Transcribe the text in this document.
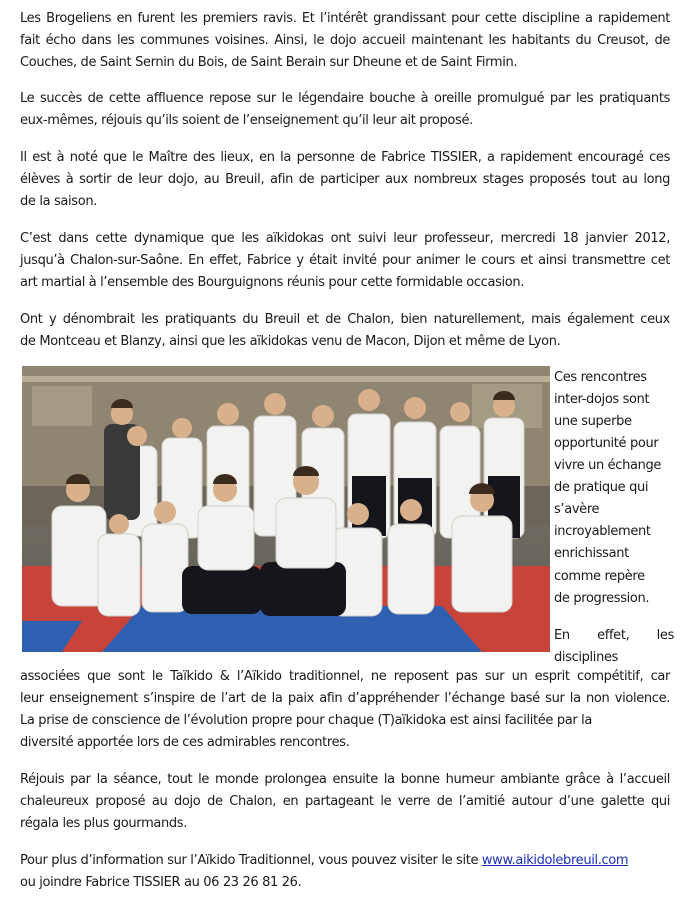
Les Brogeliens en furent les premiers ravis. Et l’intérêt grandissant pour cette discipline a rapidement

fait écho dans les communes voisines. Ainsi, le dojo accueil maintenant les habitants du Creusot, de

Couches, de Saint Sernin du Bois, de Saint Berain sur Dheune et de Saint Firmin.

Le succès de cette affluence repose sur le légendaire bouche à oreille promulgué par les pratiquants

eux-mêmes, réjouis qu’ils soient de l’enseignement qu’il leur ait proposé.

Il est à noté que le Maître des lieux, en la personne de Fabrice TISSIER, a rapidement encouragé ces

élèves à sortir de leur dojo, au Breuil, afin de participer aux nombreux stages proposés tout au long

de la saison.

C’est dans cette dynamique que les aïkidokas ont suivi leur professeur, mercredi 18 janvier 2012,

jusqu’à Chalon-sur-Saône. En effet, Fabrice y était invité pour animer le cours et ainsi transmettre cet

art martial à l’ensemble des Bourguignons réunis pour cette formidable occasion.

Ont y dénombrait les pratiquants du Breuil et de Chalon, bien naturellement, mais également ceux

de Montceau et Blanzy, ainsi que les aïkidokas venu de Macon, Dijon et même de Lyon.

Ces rencontres

inter-dojos sont

une superbe

opportunité pour

vivre un échange

de pratique qui

s’avère

incroyablement

enrichissant

comme repère

de progression.

En effet, les

disciplines

associées que sont le Taïkido & l’Aïkido traditionnel, ne reposent pas sur un esprit compétitif, car

leur enseignement s’inspire de l’art de la paix afin d’appréhender l’échange basé sur la non violence.

La prise de conscience de l’évolution propre pour chaque (T)aïkidoka est ainsi facilitée par la

diversité apportée lors de ces admirables rencontres.

Réjouis par la séance, tout le monde prolongea ensuite la bonne humeur ambiante grâce à l’accueil

chaleureux proposé au dojo de Chalon, en partageant le verre de l’amitié autour d’une galette qui

régala les plus gourmands.

Pour plus d’information sur l’Aïkido Traditionnel, vous pouvez visiter le site www.aikidolebreuil.com

ou joindre Fabrice TISSIER au 06 23 26 81 26.
